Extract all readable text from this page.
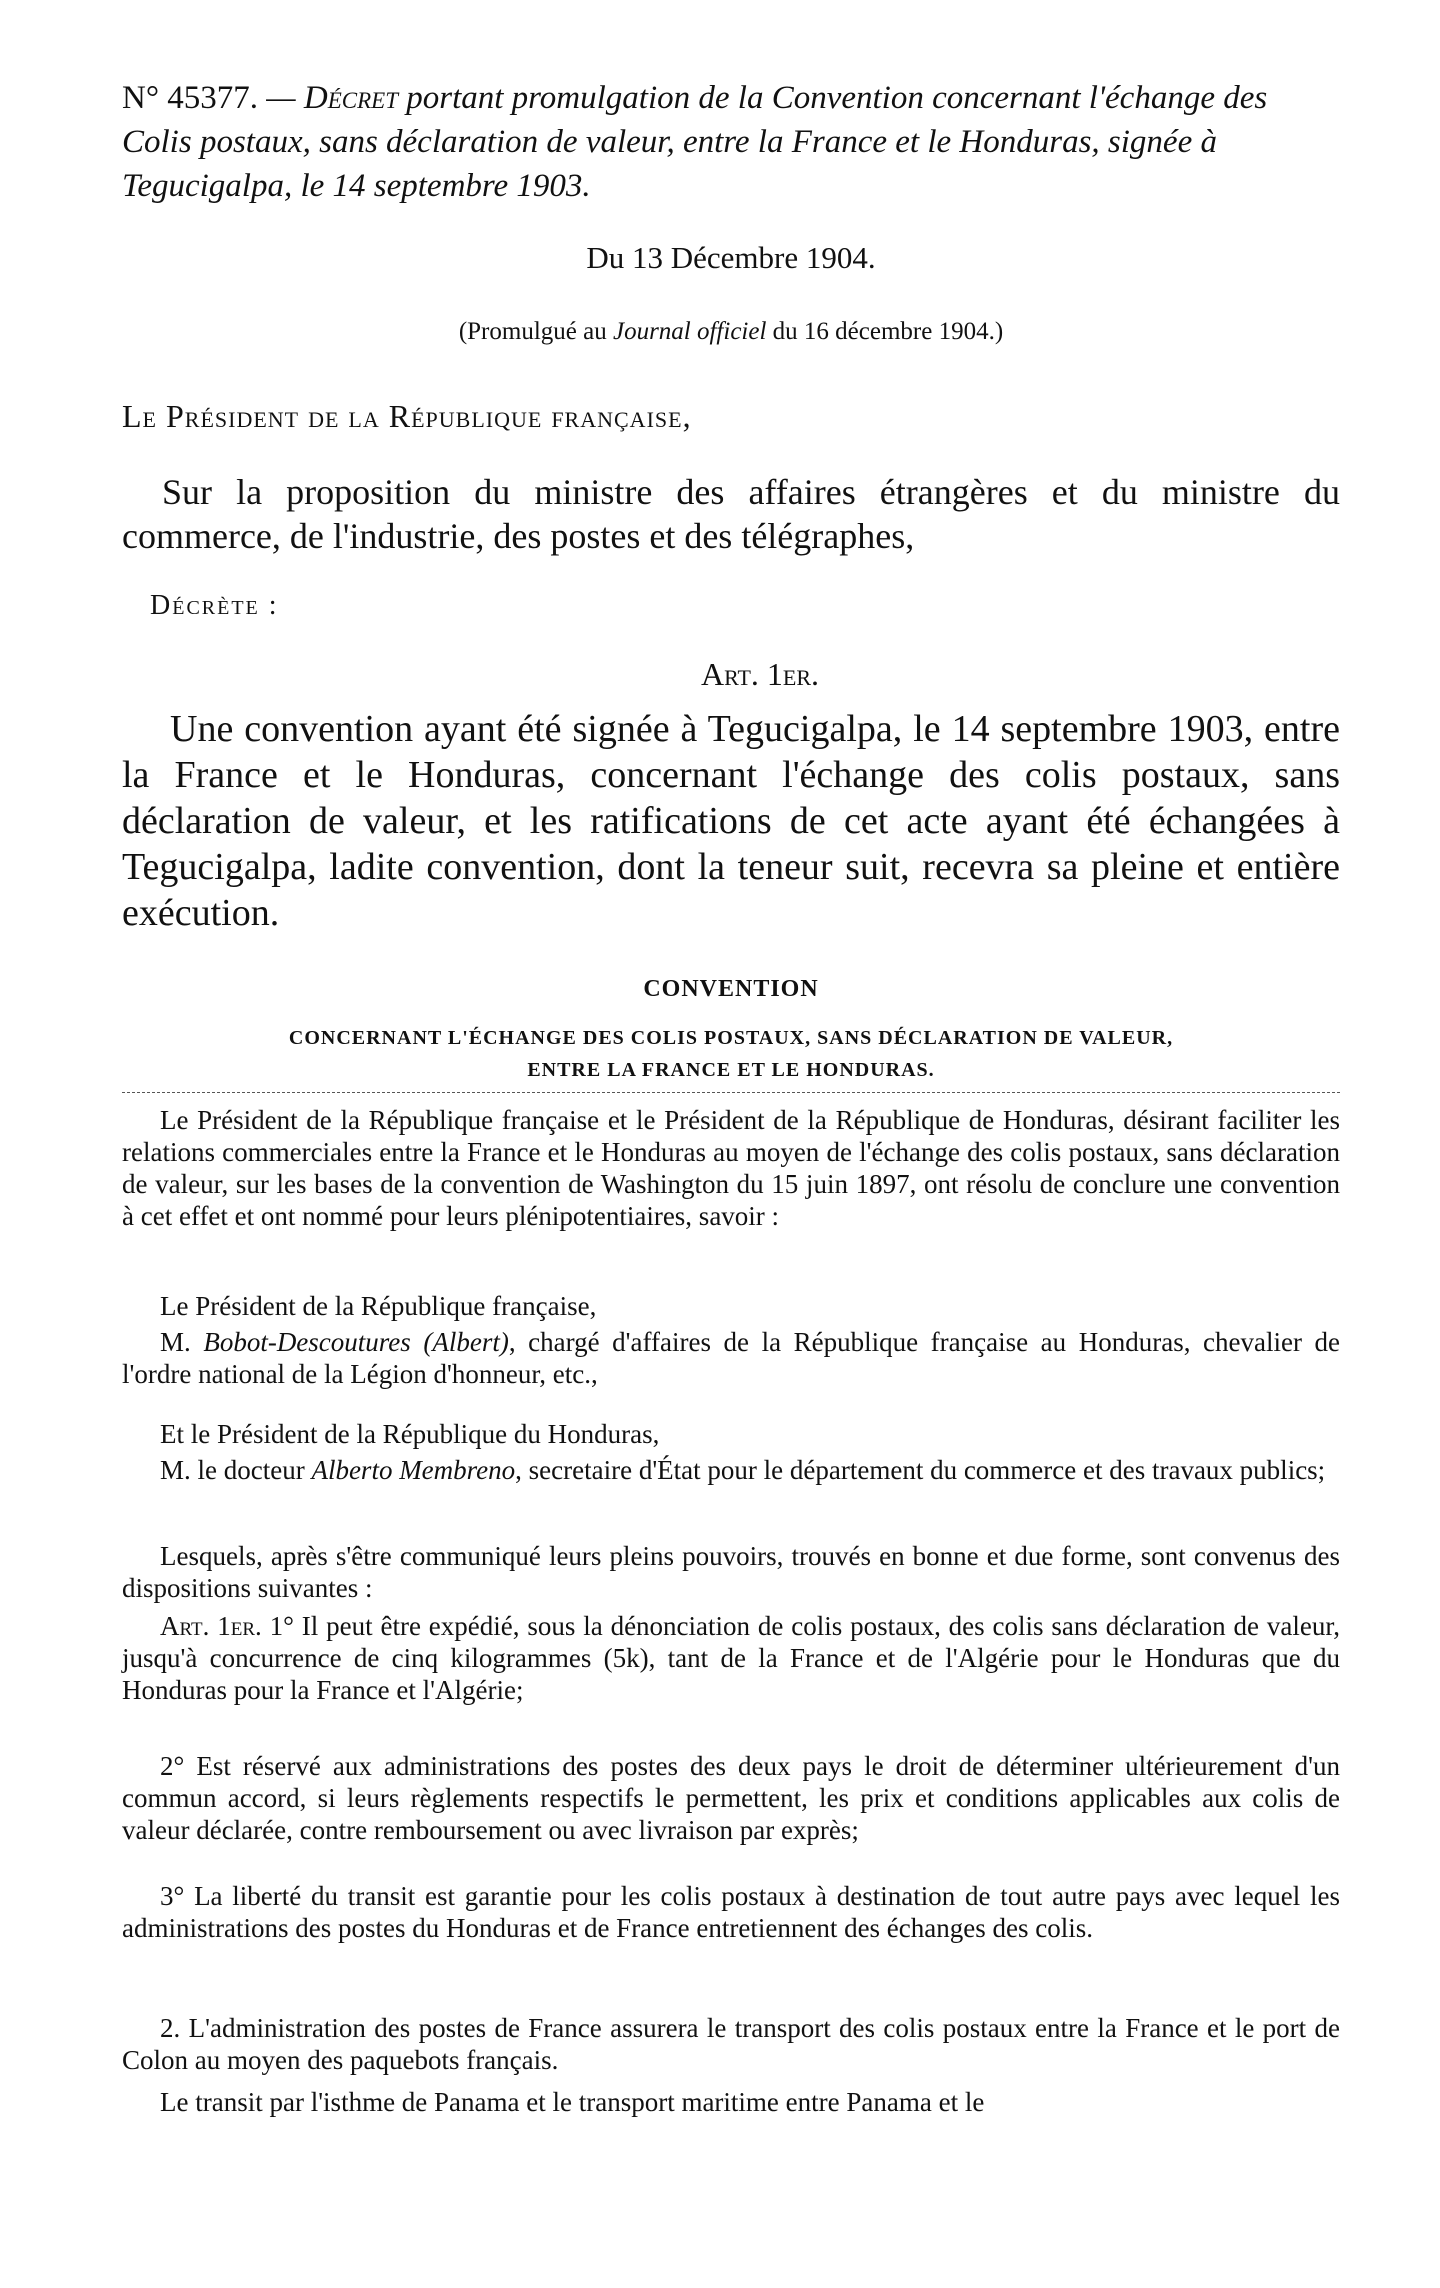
N° 45377. — Décret portant promulgation de la Convention concernant l'échange des Colis postaux, sans déclaration de valeur, entre la France et le Honduras, signée à Tegucigalpa, le 14 septembre 1903.

Du 13 Décembre 1904.

(Promulgué au Journal officiel du 16 décembre 1904.)

Le Président de la République française,

Sur la proposition du ministre des affaires étrangères et du ministre du commerce, de l'industrie, des postes et des télégraphes,

Décrète :

Art. 1er.

Une convention ayant été signée à Tegucigalpa, le 14 septembre 1903, entre la France et le Honduras, concernant l'échange des colis postaux, sans déclaration de valeur, et les ratifications de cet acte ayant été échangées à Tegucigalpa, ladite convention, dont la teneur suit, recevra sa pleine et entière exécution.

CONVENTION

CONCERNANT L'ÉCHANGE DES COLIS POSTAUX, SANS DÉCLARATION DE VALEUR,
ENTRE LA FRANCE ET LE HONDURAS.

Le Président de la République française et le Président de la République de Honduras, désirant faciliter les relations commerciales entre la France et le Honduras au moyen de l'échange des colis postaux, sans déclaration de valeur, sur les bases de la convention de Washington du 15 juin 1897, ont résolu de conclure une convention à cet effet et ont nommé pour leurs plénipotentiaires, savoir :

Le Président de la République française,

M. Bobot-Descoutures (Albert), chargé d'affaires de la République française au Honduras, chevalier de l'ordre national de la Légion d'honneur, etc.,

Et le Président de la République du Honduras,

M. le docteur Alberto Membreno, secretaire d'État pour le département du commerce et des travaux publics;

Lesquels, après s'être communiqué leurs pleins pouvoirs, trouvés en bonne et due forme, sont convenus des dispositions suivantes :

Art. 1er. 1° Il peut être expédié, sous la dénonciation de colis postaux, des colis sans déclaration de valeur, jusqu'à concurrence de cinq kilogrammes (5k), tant de la France et de l'Algérie pour le Honduras que du Honduras pour la France et l'Algérie;

2° Est réservé aux administrations des postes des deux pays le droit de déterminer ultérieurement d'un commun accord, si leurs règlements respectifs le permettent, les prix et conditions applicables aux colis de valeur déclarée, contre remboursement ou avec livraison par exprès;

3° La liberté du transit est garantie pour les colis postaux à destination de tout autre pays avec lequel les administrations des postes du Honduras et de France entretiennent des échanges des colis.

2. L'administration des postes de France assurera le transport des colis postaux entre la France et le port de Colon au moyen des paquebots français.

Le transit par l'isthme de Panama et le transport maritime entre Panama et le
